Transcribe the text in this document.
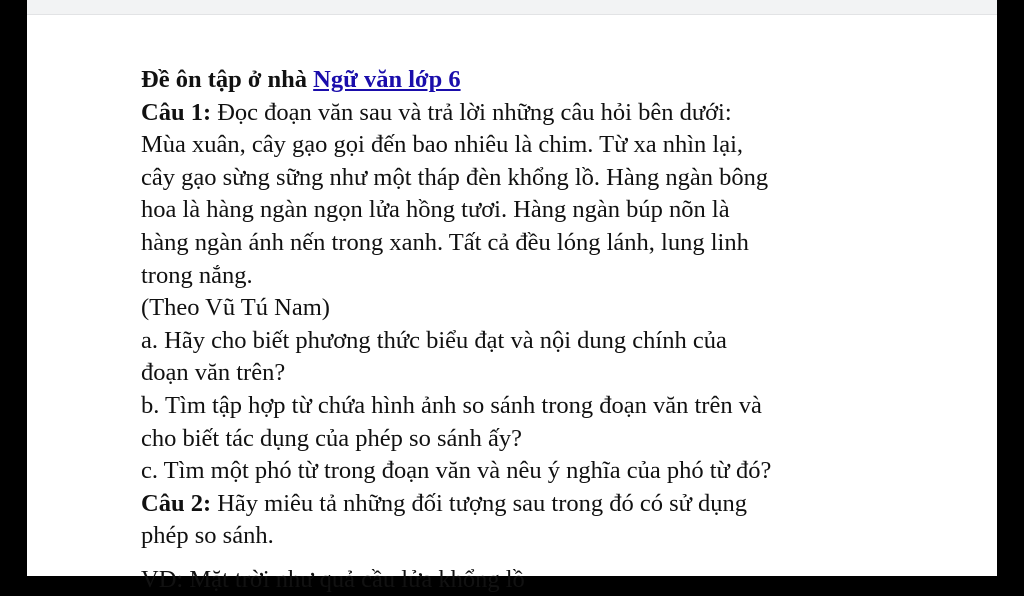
Đề ôn tập ở nhà Ngữ văn lớp 6
Câu 1: Đọc đoạn văn sau và trả lời những câu hỏi bên dưới:
Mùa xuân, cây gạo gọi đến bao nhiêu là chim. Từ xa nhìn lại,
cây gạo sừng sững như một tháp đèn khổng lồ. Hàng ngàn bông
hoa là hàng ngàn ngọn lửa hồng tươi. Hàng ngàn búp nõn là
hàng ngàn ánh nến trong xanh. Tất cả đều lóng lánh, lung linh
trong nắng.
(Theo Vũ Tú Nam)
a. Hãy cho biết phương thức biểu đạt và nội dung chính của
đoạn văn trên?
b. Tìm tập hợp từ chứa hình ảnh so sánh trong đoạn văn trên và
cho biết tác dụng của phép so sánh ấy?
c. Tìm một phó từ trong đoạn văn và nêu ý nghĩa của phó từ đó?
Câu 2: Hãy miêu tả những đối tượng sau trong đó có sử dụng
phép so sánh.
VD: Mặt trời như quả cầu lửa khổng lồ
